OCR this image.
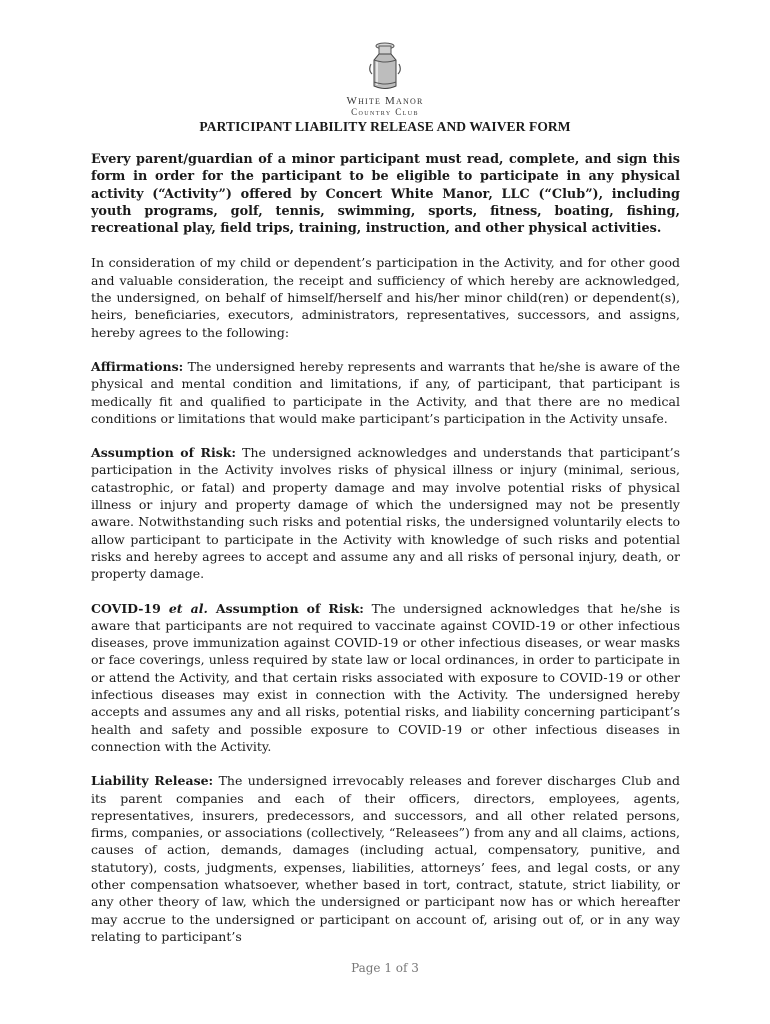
White Manor
Country Club
PARTICIPANT LIABILITY RELEASE AND WAIVER FORM

Every parent/guardian of a minor participant must read, complete, and sign this form in order for the participant to be eligible to participate in any physical activity (“Activity”) offered by Concert White Manor, LLC (“Club”), including youth programs, golf, tennis, swimming, sports, fitness, boating, fishing, recreational play, field trips, training, instruction, and other physical activities.

In consideration of my child or dependent’s participation in the Activity, and for other good and valuable consideration, the receipt and sufficiency of which hereby are acknowledged, the undersigned, on behalf of himself/herself and his/her minor child(ren) or dependent(s), heirs, beneficiaries, executors, administrators, representatives, successors, and assigns, hereby agrees to the following:

Affirmations: The undersigned hereby represents and warrants that he/she is aware of the physical and mental condition and limitations, if any, of participant, that participant is medically fit and qualified to participate in the Activity, and that there are no medical conditions or limitations that would make participant’s participation in the Activity unsafe.

Assumption of Risk: The undersigned acknowledges and understands that participant’s participation in the Activity involves risks of physical illness or injury (minimal, serious, catastrophic, or fatal) and property damage and may involve potential risks of physical illness or injury and property damage of which the undersigned may not be presently aware. Notwithstanding such risks and potential risks, the undersigned voluntarily elects to allow participant to participate in the Activity with knowledge of such risks and potential risks and hereby agrees to accept and assume any and all risks of personal injury, death, or property damage.

COVID-19 et al. Assumption of Risk: The undersigned acknowledges that he/she is aware that participants are not required to vaccinate against COVID-19 or other infectious diseases, prove immunization against COVID-19 or other infectious diseases, or wear masks or face coverings, unless required by state law or local ordinances, in order to participate in or attend the Activity, and that certain risks associated with exposure to COVID-19 or other infectious diseases may exist in connection with the Activity. The undersigned hereby accepts and assumes any and all risks, potential risks, and liability concerning participant’s health and safety and possible exposure to COVID-19 or other infectious diseases in connection with the Activity.

Liability Release: The undersigned irrevocably releases and forever discharges Club and its parent companies and each of their officers, directors, employees, agents, representatives, insurers, predecessors, and successors, and all other related persons, firms, companies, or associations (collectively, “Releasees”) from any and all claims, actions, causes of action, demands, damages (including actual, compensatory, punitive, and statutory), costs, judgments, expenses, liabilities, attorneys’ fees, and legal costs, or any other compensation whatsoever, whether based in tort, contract, statute, strict liability, or any other theory of law, which the undersigned or participant now has or which hereafter may accrue to the undersigned or participant on account of, arising out of, or in any way relating to participant’s

Page 1 of 3
